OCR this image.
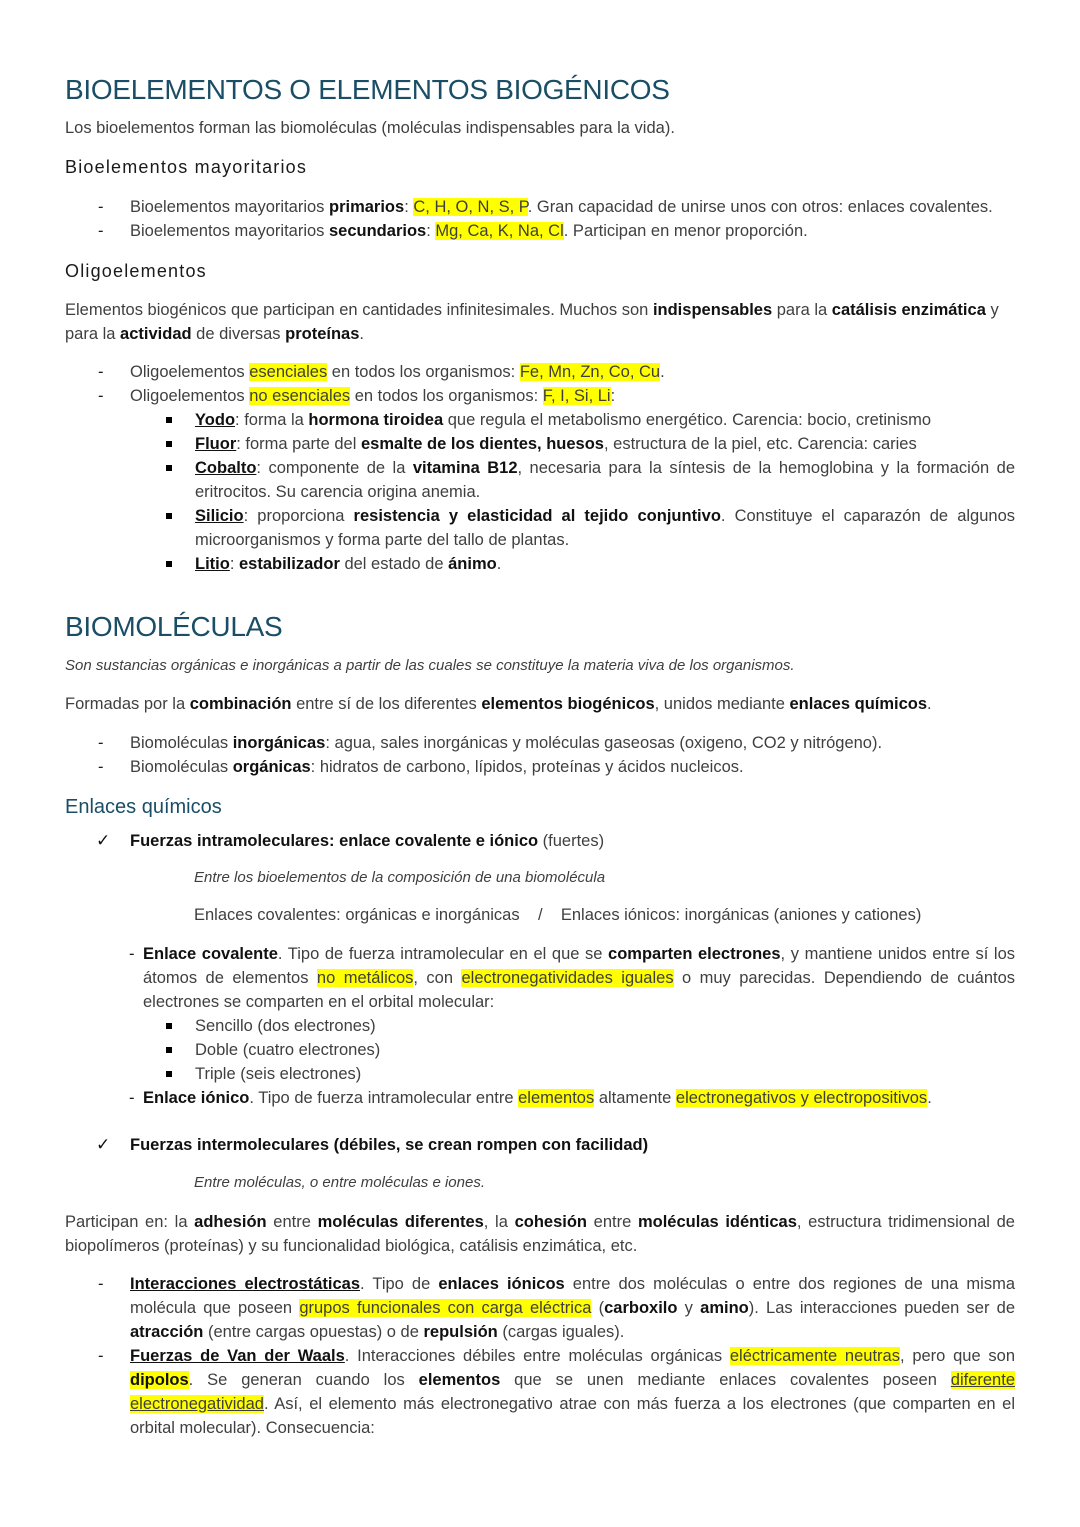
BIOELEMENTOS O ELEMENTOS BIOGÉNICOS
Los bioelementos forman las biomoléculas (moléculas indispensables para la vida).
Bioelementos mayoritarios
- Bioelementos mayoritarios primarios: C, H, O, N, S, P. Gran capacidad de unirse unos con otros: enlaces covalentes.
- Bioelementos mayoritarios secundarios: Mg, Ca, K, Na, Cl. Participan en menor proporción.
Oligoelementos
Elementos biogénicos que participan en cantidades infinitesimales. Muchos son indispensables para la catálisis enzimática y para la actividad de diversas proteínas.
- Oligoelementos esenciales en todos los organismos: Fe, Mn, Zn, Co, Cu.
- Oligoelementos no esenciales en todos los organismos: F, I, Si, Li:
Yodo: forma la hormona tiroidea que regula el metabolismo energético. Carencia: bocio, cretinismo
Fluor: forma parte del esmalte de los dientes, huesos, estructura de la piel, etc. Carencia: caries
Cobalto: componente de la vitamina B12, necesaria para la síntesis de la hemoglobina y la formación de eritrocitos. Su carencia origina anemia.
Silicio: proporciona resistencia y elasticidad al tejido conjuntivo. Constituye el caparazón de algunos microorganismos y forma parte del tallo de plantas.
Litio: estabilizador del estado de ánimo.
BIOMOLÉCULAS
Son sustancias orgánicas e inorgánicas a partir de las cuales se constituye la materia viva de los organismos.
Formadas por la combinación entre sí de los diferentes elementos biogénicos, unidos mediante enlaces químicos.
- Biomoléculas inorgánicas: agua, sales inorgánicas y moléculas gaseosas (oxigeno, CO2 y nitrógeno).
- Biomoléculas orgánicas: hidratos de carbono, lípidos, proteínas y ácidos nucleicos.
Enlaces químicos
✓ Fuerzas intramoleculares: enlace covalente e iónico (fuertes)
Entre los bioelementos de la composición de una biomolécula
Enlaces covalentes: orgánicas e inorgánicas    /    Enlaces iónicos: inorgánicas (aniones y cationes)
- Enlace covalente. Tipo de fuerza intramolecular en el que se comparten electrones, y mantiene unidos entre sí los átomos de elementos no metálicos, con electronegatividades iguales o muy parecidas. Dependiendo de cuántos electrones se comparten en el orbital molecular:
Sencillo (dos electrones)
Doble (cuatro electrones)
Triple (seis electrones)
- Enlace iónico. Tipo de fuerza intramolecular entre elementos altamente electronegativos y electropositivos.
✓ Fuerzas intermoleculares (débiles, se crean rompen con facilidad)
Entre moléculas, o entre moléculas e iones.
Participan en: la adhesión entre moléculas diferentes, la cohesión entre moléculas idénticas, estructura tridimensional de biopolímeros (proteínas) y su funcionalidad biológica, catálisis enzimática, etc.
- Interacciones electrostáticas. Tipo de enlaces iónicos entre dos moléculas o entre dos regiones de una misma molécula que poseen grupos funcionales con carga eléctrica (carboxilo y amino). Las interacciones pueden ser de atracción (entre cargas opuestas) o de repulsión (cargas iguales).
- Fuerzas de Van der Waals. Interacciones débiles entre moléculas orgánicas eléctricamente neutras, pero que son dipolos. Se generan cuando los elementos que se unen mediante enlaces covalentes poseen diferente electronegatividad. Así, el elemento más electronegativo atrae con más fuerza a los electrones (que comparten en el orbital molecular). Consecuencia:
